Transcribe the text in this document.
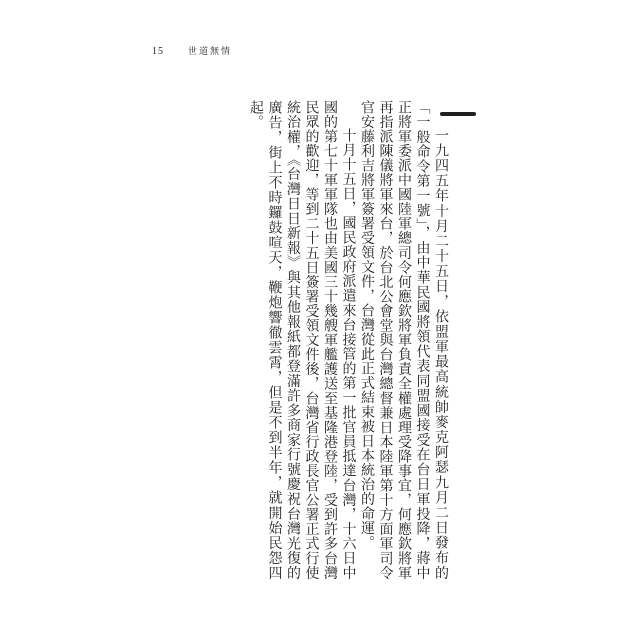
15	世道無情

一九四五年十月二十五日，依盟軍最高統帥麥克阿瑟九月二日發布的「一般命令第一號」，由中華民國將領代表同盟國接受在台日軍投降，蔣中正將軍委派中國陸軍總司令何應欽將軍負責全權處理受降事宜，何應欽將軍再指派陳儀將軍來台，於台北公會堂與台灣總督兼日本陸軍第十方面軍司令官安藤利吉將軍簽署受領文件，台灣從此正式結束被日本統治的命運。

十月十五日，國民政府派遣來台接管的第一批官員抵達台灣，十六日中國的第七十軍軍隊也由美國三十幾艘軍艦護送至基隆港登陸，受到許多台灣民眾的歡迎，等到二十五日簽署受領文件後，台灣省行政長官公署正式行使統治權，《台灣日日新報》與其他報紙都登滿許多商家行號慶祝台灣光復的廣告，街上不時鑼鼓喧天，鞭炮響徹雲霄，但是不到半年，就開始民怨四起。
